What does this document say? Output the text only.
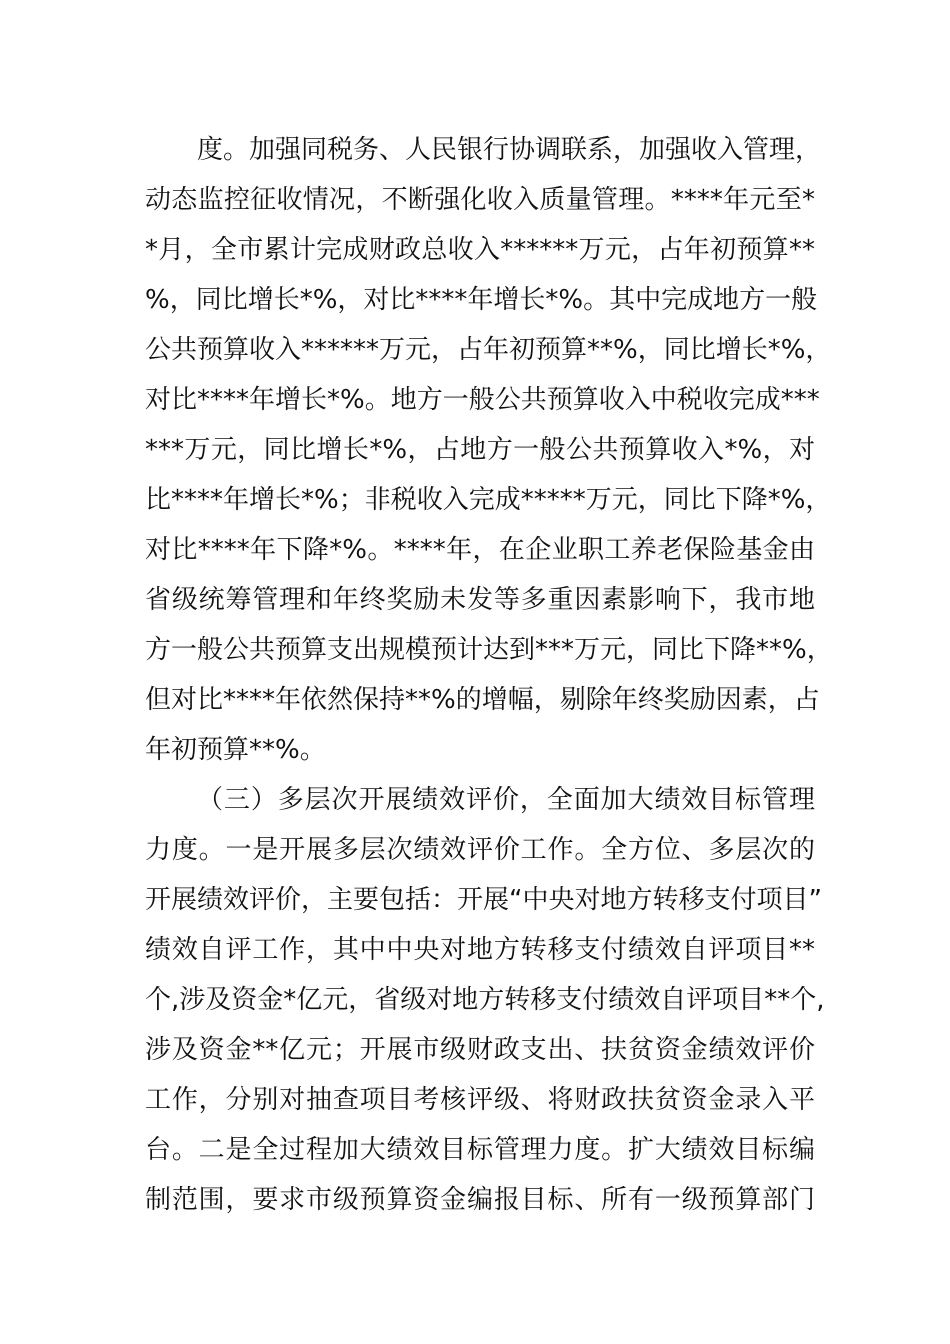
度。加强同税务、人民银行协调联系，加强收入管理，
动态监控征收情况，不断强化收入质量管理。****年元至*
*月，全市累计完成财政总收入******万元，占年初预算**
%，同比增长*%，对比****年增长*%。其中完成地方一般
公共预算收入******万元，占年初预算**%，同比增长*%，
对比****年增长*%。地方一般公共预算收入中税收完成***
***万元，同比增长*%，占地方一般公共预算收入*%，对
比****年增长*%；非税收入完成*****万元，同比下降*%，
对比****年下降*%。****年，在企业职工养老保险基金由
省级统筹管理和年终奖励未发等多重因素影响下，我市地
方一般公共预算支出规模预计达到***万元，同比下降**%，
但对比****年依然保持**%的增幅，剔除年终奖励因素，占
年初预算**%。
（三）多层次开展绩效评价，全面加大绩效目标管理
力度。一是开展多层次绩效评价工作。全方位、多层次的
开展绩效评价，主要包括：开展“中央对地方转移支付项目”
绩效自评工作，其中中央对地方转移支付绩效自评项目**
个,涉及资金*亿元，省级对地方转移支付绩效自评项目**个,
涉及资金**亿元；开展市级财政支出、扶贫资金绩效评价
工作，分别对抽查项目考核评级、将财政扶贫资金录入平
台。二是全过程加大绩效目标管理力度。扩大绩效目标编
制范围，要求市级预算资金编报目标、所有一级预算部门
